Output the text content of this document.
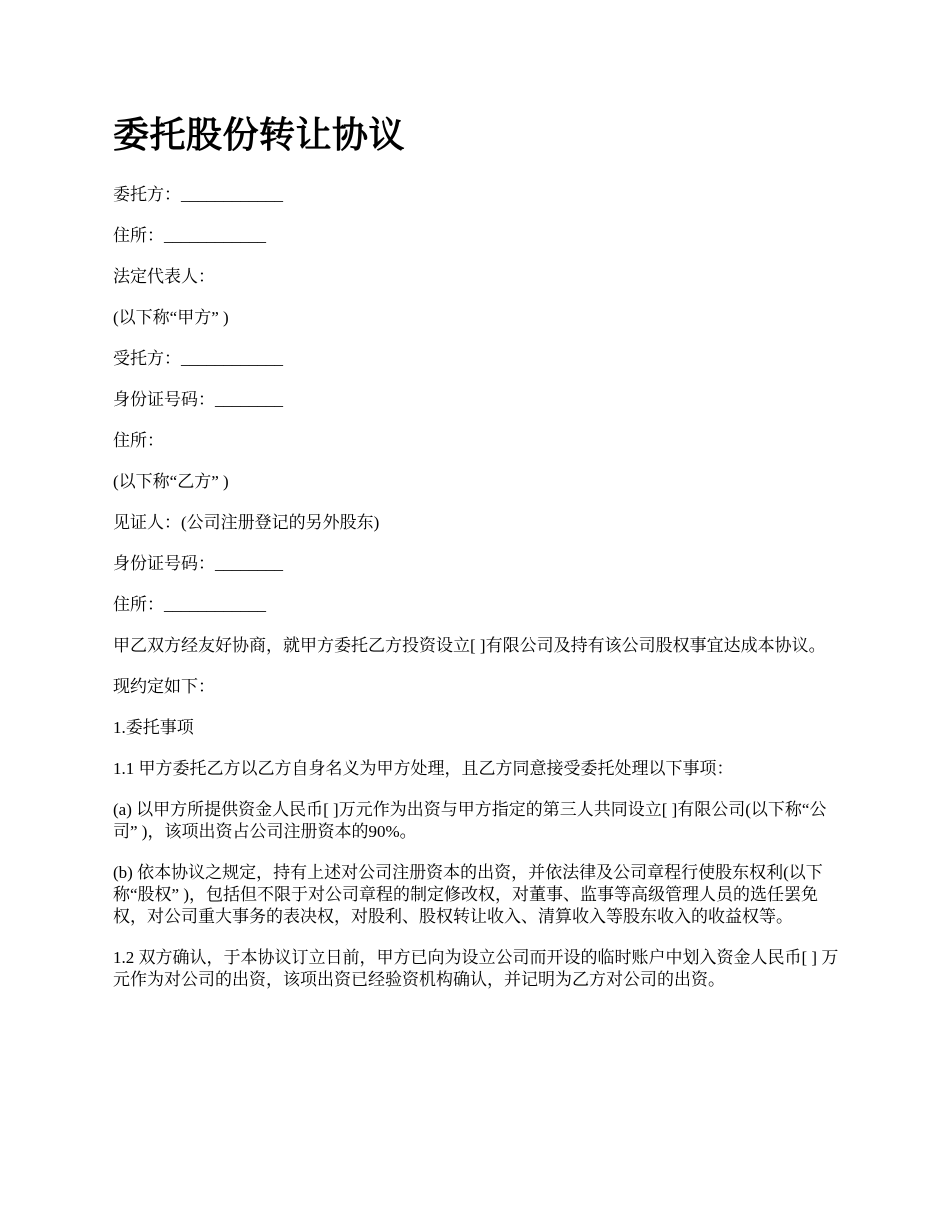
委托股份转让协议

委托方：____________

住所：____________

法定代表人：

(以下称“甲方” )

受托方：____________

身份证号码：________

住所：

(以下称“乙方” )

见证人：(公司注册登记的另外股东)

身份证号码：________

住所：____________

甲乙双方经友好协商，就甲方委托乙方投资设立[ ]有限公司及持有该公司股权事宜达成本协议。

现约定如下：

1.委托事项

1.1 甲方委托乙方以乙方自身名义为甲方处理，且乙方同意接受委托处理以下事项：

(a) 以甲方所提供资金人民币[ ]万元作为出资与甲方指定的第三人共同设立[ ]有限公司(以下称“公司” )，该项出资占公司注册资本的90%。

(b) 依本协议之规定，持有上述对公司注册资本的出资，并依法律及公司章程行使股东权利(以下称“股权” )，包括但不限于对公司章程的制定修改权，对董事、监事等高级管理人员的选任罢免权，对公司重大事务的表决权，对股利、股权转让收入、清算收入等股东收入的收益权等。

1.2 双方确认，于本协议订立日前，甲方已向为设立公司而开设的临时账户中划入资金人民币[ ] 万元作为对公司的出资，该项出资已经验资机构确认，并记明为乙方对公司的出资。
